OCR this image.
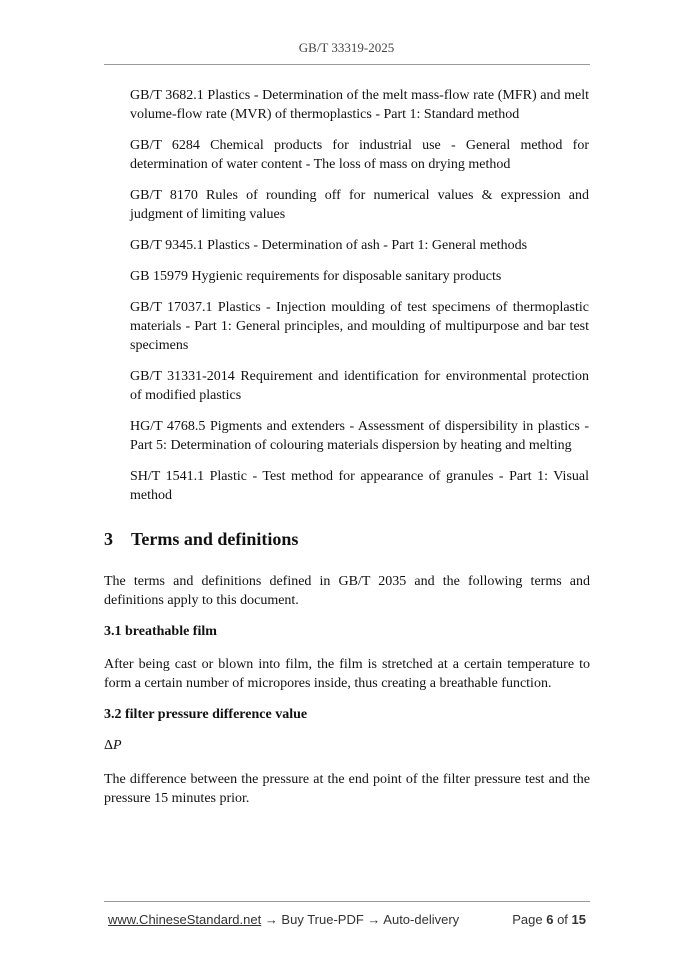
GB/T 33319-2025

GB/T 3682.1 Plastics - Determination of the melt mass-flow rate (MFR) and melt volume-flow rate (MVR) of thermoplastics - Part 1: Standard method

GB/T 6284 Chemical products for industrial use - General method for determination of water content - The loss of mass on drying method

GB/T 8170 Rules of rounding off for numerical values & expression and judgment of limiting values

GB/T 9345.1 Plastics - Determination of ash - Part 1: General methods

GB 15979 Hygienic requirements for disposable sanitary products

GB/T 17037.1 Plastics - Injection moulding of test specimens of thermoplastic materials - Part 1: General principles, and moulding of multipurpose and bar test specimens

GB/T 31331-2014 Requirement and identification for environmental protection of modified plastics

HG/T 4768.5 Pigments and extenders - Assessment of dispersibility in plastics - Part 5: Determination of colouring materials dispersion by heating and melting

SH/T 1541.1 Plastic - Test method for appearance of granules - Part 1: Visual method

3 Terms and definitions

The terms and definitions defined in GB/T 2035 and the following terms and definitions apply to this document.

3.1 breathable film

After being cast or blown into film, the film is stretched at a certain temperature to form a certain number of micropores inside, thus creating a breathable function.

3.2 filter pressure difference value
ΔP

The difference between the pressure at the end point of the filter pressure test and the pressure 15 minutes prior.

www.ChineseStandard.net → Buy True-PDF → Auto-delivery	Page 6 of 15
